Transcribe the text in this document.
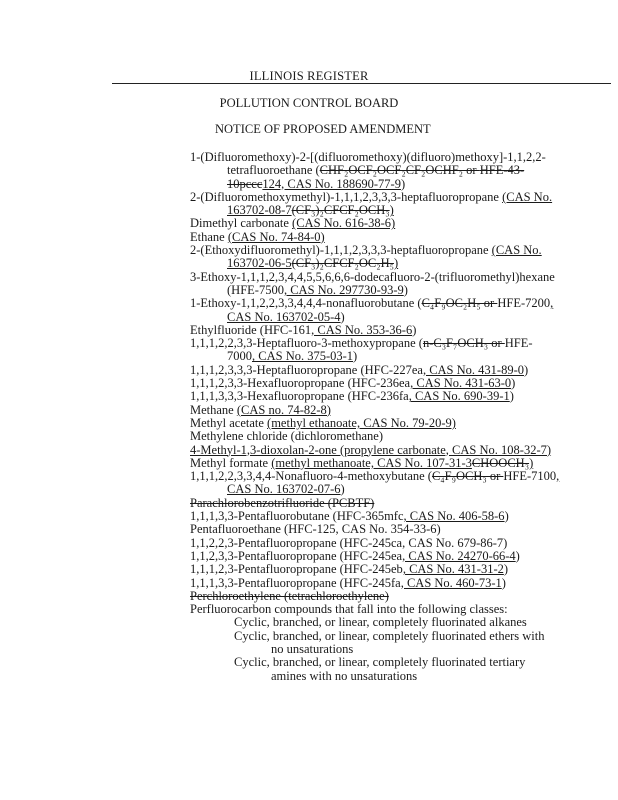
ILLINOIS REGISTER
POLLUTION CONTROL BOARD
NOTICE OF PROPOSED AMENDMENT
1-(Difluoromethoxy)-2-[(difluoromethoxy)(difluoro)methoxy]-1,1,2,2-tetrafluoroethane (CHF₂OCF₂OCF₂CF₂OCHF₂ or HFE-43-10pccc124, CAS No. 188690-77-9)
2-(Difluoromethoxymethyl)-1,1,1,2,3,3,3-heptafluoropropane (CAS No. 163702-08-7(CF₃)₂CFCF₂OCH₃)
Dimethyl carbonate (CAS No. 616-38-6)
Ethane (CAS No. 74-84-0)
2-(Ethoxydifluoromethyl)-1,1,1,2,3,3,3-heptafluoropropane (CAS No. 163702-06-5(CF₃)₂CFCF₂OC₂H₅)
3-Ethoxy-1,1,1,2,3,4,4,5,5,6,6,6-dodecafluoro-2-(trifluoromethyl)hexane (HFE-7500, CAS No. 297730-93-9)
1-Ethoxy-1,1,2,2,3,3,4,4,4-nonafluorobutane (C₄F₉OC₂H₅ or HFE-7200, CAS No. 163702-05-4)
Ethylfluoride (HFC-161, CAS No. 353-36-6)
1,1,1,2,2,3,3-Heptafluoro-3-methoxypropane (n-C₃F₇OCH₃ or HFE-7000, CAS No. 375-03-1)
1,1,1,2,3,3,3-Heptafluoropropane (HFC-227ea, CAS No. 431-89-0)
1,1,1,2,3,3-Hexafluoropropane (HFC-236ea, CAS No. 431-63-0)
1,1,1,3,3,3-Hexafluoropropane (HFC-236fa, CAS No. 690-39-1)
Methane (CAS no. 74-82-8)
Methyl acetate (methyl ethanoate, CAS No. 79-20-9)
Methylene chloride (dichloromethane)
4-Methyl-1,3-dioxolan-2-one (propylene carbonate, CAS No. 108-32-7)
Methyl formate (methyl methanoate, CAS No. 107-31-3CHOOCH₃)
1,1,1,2,2,3,3,4,4-Nonafluoro-4-methoxybutane (C₄F₉OCH₃ or HFE-7100, CAS No. 163702-07-6)
Parachlorobenzotrifluoride (PCBTF)
1,1,1,3,3-Pentafluorobutane (HFC-365mfc, CAS No. 406-58-6)
Pentafluoroethane (HFC-125, CAS No. 354-33-6)
1,1,2,2,3-Pentafluoropropane (HFC-245ca, CAS No. 679-86-7)
1,1,2,3,3-Pentafluoropropane (HFC-245ea, CAS No. 24270-66-4)
1,1,1,2,3-Pentafluoropropane (HFC-245eb, CAS No. 431-31-2)
1,1,1,3,3-Pentafluoropropane (HFC-245fa, CAS No. 460-73-1)
Perchloroethylene (tetrachloroethylene)
Perfluorocarbon compounds that fall into the following classes:
Cyclic, branched, or linear, completely fluorinated alkanes
Cyclic, branched, or linear, completely fluorinated ethers with no unsaturations
Cyclic, branched, or linear, completely fluorinated tertiary amines with no unsaturations
